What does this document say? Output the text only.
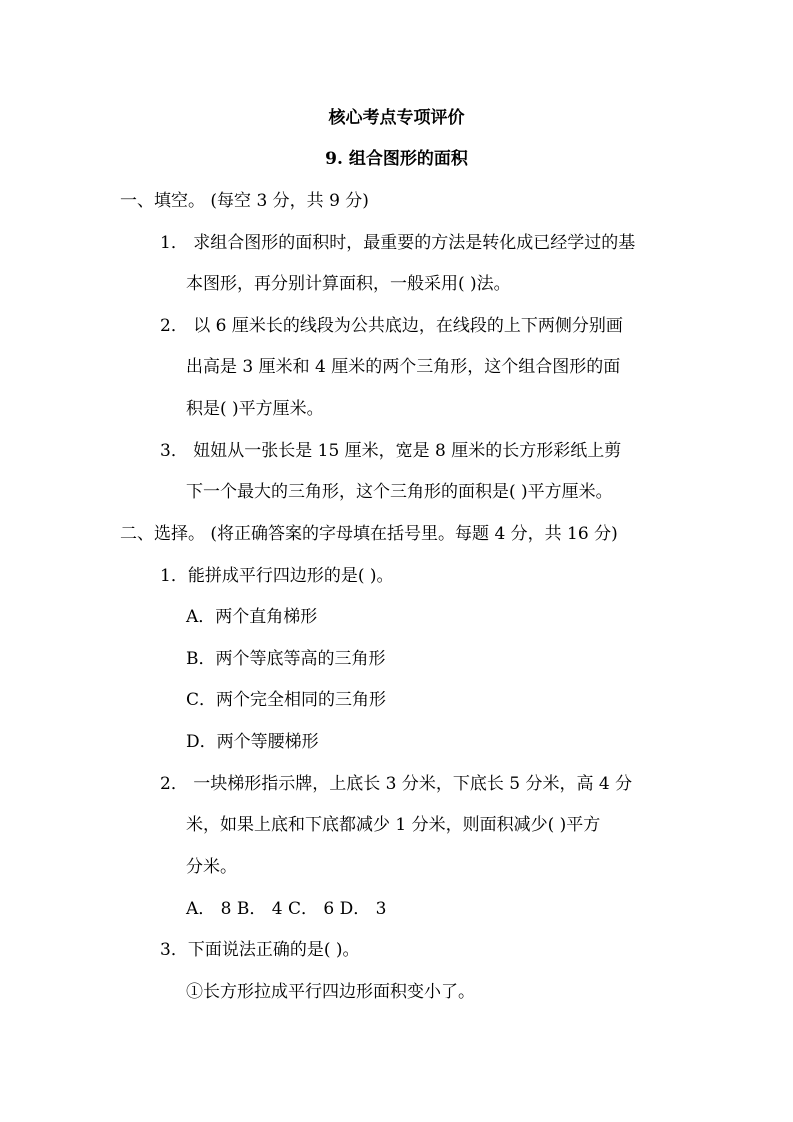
核心考点专项评价
9. 组合图形的面积
一、填空。 (每空 3 分，共 9 分)
1． 求组合图形的面积时，最重要的方法是转化成已经学过的基
本图形，再分别计算面积，一般采用( )法。
2． 以 6 厘米长的线段为公共底边，在线段的上下两侧分别画
出高是 3 厘米和 4 厘米的两个三角形，这个组合图形的面
积是( )平方厘米。
3． 妞妞从一张长是 15 厘米，宽是 8 厘米的长方形彩纸上剪
下一个最大的三角形，这个三角形的面积是( )平方厘米。
二、选择。 (将正确答案的字母填在括号里。每题 4 分，共 16 分)
1．能拼成平行四边形的是( )。
A．两个直角梯形
B．两个等底等高的三角形
C．两个完全相同的三角形
D．两个等腰梯形
2． 一块梯形指示牌，上底长 3 分米，下底长 5 分米，高 4 分
米，如果上底和下底都减少 1 分米，则面积减少( )平方
分米。
A． 8 B． 4 C． 6 D． 3
3．下面说法正确的是( )。
①长方形拉成平行四边形面积变小了。
